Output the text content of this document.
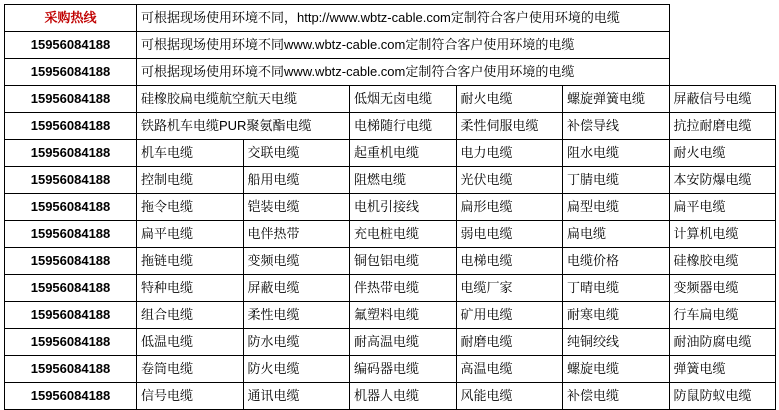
采购热线	可根据现场使用环境不同，http://www.wbtz-cable.com定制符合客户使用环境的电缆					
15956084188	可根据现场使用环境不同www.wbtz-cable.com定制符合客户使用环境的电缆					
15956084188	可根据现场使用环境不同www.wbtz-cable.com定制符合客户使用环境的电缆					
15956084188	硅橡胶扁电缆航空航天电缆		低烟无卤电缆	耐火电缆	螺旋弹簧电缆	屏蔽信号电缆
15956084188	铁路机车电缆PUR聚氨酯电缆		电梯随行电缆	柔性伺服电缆	补偿导线	抗拉耐磨电缆
15956084188	机车电缆	交联电缆	起重机电缆	电力电缆	阻水电缆	耐火电缆
15956084188	控制电缆	船用电缆	阻燃电缆	光伏电缆	丁腈电缆	本安防爆电缆
15956084188	拖令电缆	铠装电缆	电机引接线	扁形电缆	扁型电缆	扁平电缆
15956084188	扁平电缆	电伴热带	充电桩电缆	弱电电缆	扁电缆	计算机电缆
15956084188	拖链电缆	变频电缆	铜包铝电缆	电梯电缆	电缆价格	硅橡胶电缆
15956084188	特种电缆	屏蔽电缆	伴热带电缆	电缆厂家	丁晴电缆	变频器电缆
15956084188	组合电缆	柔性电缆	氟塑料电缆	矿用电缆	耐寒电缆	行车扁电缆
15956084188	低温电缆	防水电缆	耐高温电缆	耐磨电缆	纯铜绞线	耐油防腐电缆
15956084188	卷筒电缆	防火电缆	编码器电缆	高温电缆	螺旋电缆	弹簧电缆
15956084188	信号电缆	通讯电缆	机器人电缆	风能电缆	补偿电缆	防鼠防蚁电缆
